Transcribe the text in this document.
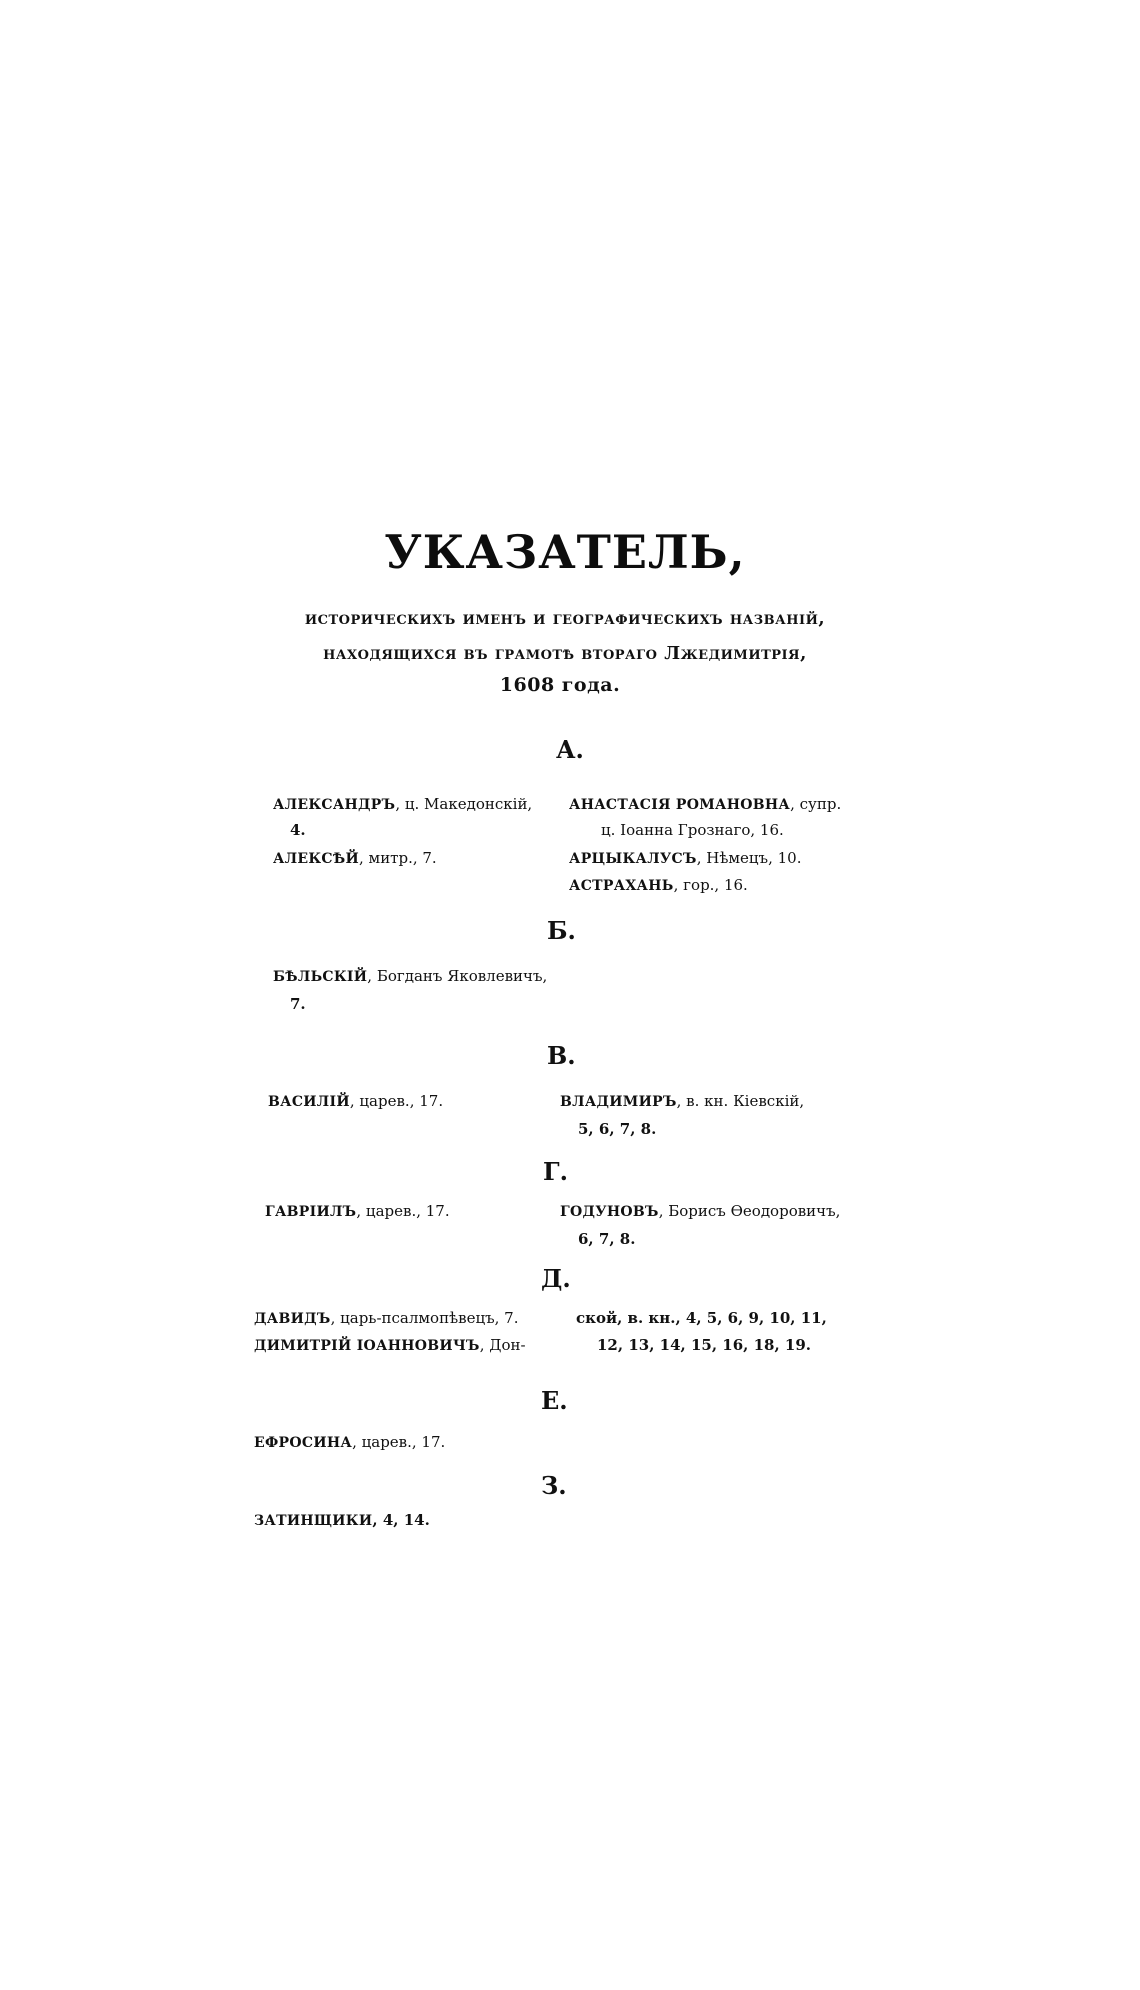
УКАЗАТЕЛЬ,
историческихъ именъ и географическихъ названій,
находящихся въ грамотѣ втораго Лжедимитрія,
1608 года.
А.
АЛЕКСАНДРЪ, ц. Македонскій,
4.
АЛЕКСѢЙ, митр., 7.
АНАСТАСІЯ РОМАНОВНА, супр.
ц. Іоанна Грознаго, 16.
АРЦЫКАЛУСЪ, Нѣмецъ, 10.
АСТРАХАНЬ, гор., 16.
Б.
БѢЛЬСКІЙ, Богданъ Яковлевичъ,
7.
В.
ВАСИЛІЙ, царев., 17.	ВЛАДИМИРЪ, в. кн. Кіевскій,
5, 6, 7, 8.
Г.
ГАВРІИЛЪ, царев., 17.	ГОДУНОВЪ, Борисъ Ѳеодоровичъ,
6, 7, 8.
Д.
ДАВИДЪ, царь-псалмопѣвецъ, 7.
ДИМИТРІЙ ІОАННОВИЧЪ, Дон-
ской, в. кн., 4, 5, 6, 9, 10, 11,
12, 13, 14, 15, 16, 18, 19.
Е.
ЕФРОСИНА, царев., 17.
З.
ЗАТИНЩИКИ, 4, 14.
